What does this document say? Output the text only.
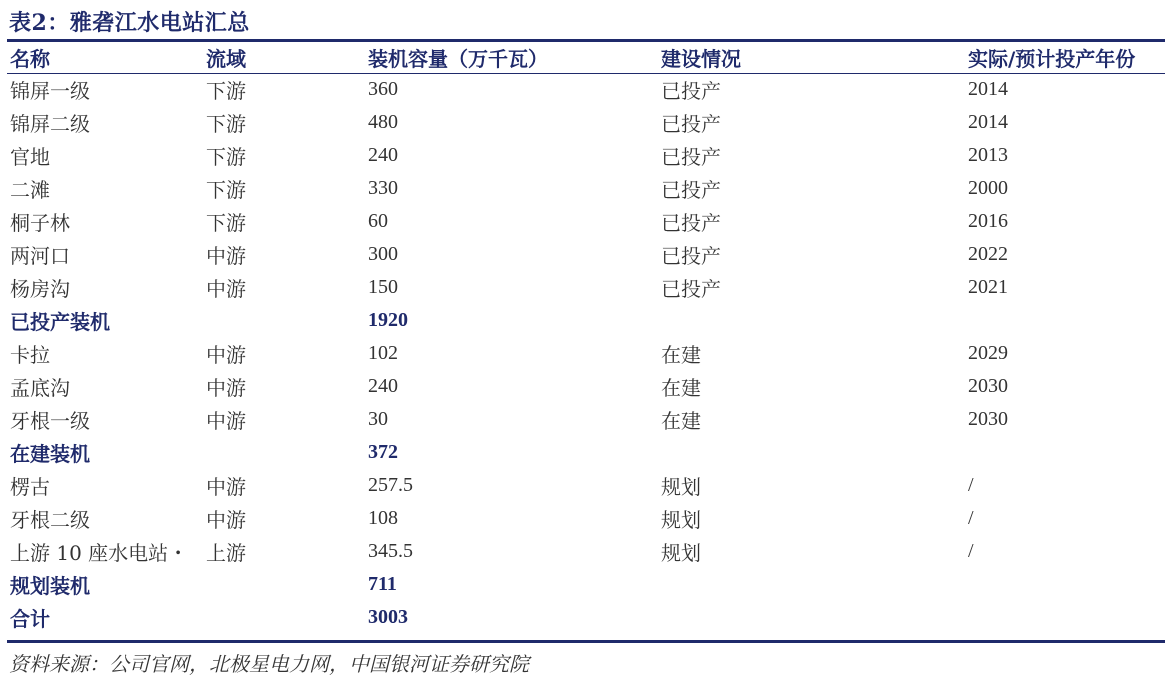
表2：雅砻江水电站汇总
名称	流域	装机容量（万千瓦）	建设情况	实际/预计投产年份
锦屏一级	下游	360	已投产	2014
锦屏二级	下游	480	已投产	2014
官地	下游	240	已投产	2013
二滩	下游	330	已投产	2000
桐子林	下游	60	已投产	2016
两河口	中游	300	已投产	2022
杨房沟	中游	150	已投产	2021
已投产装机		1920		
卡拉	中游	102	在建	2029
孟底沟	中游	240	在建	2030
牙根一级	中游	30	在建	2030
在建装机		372		
楞古	中游	257.5	规划	/
牙根二级	中游	108	规划	/
上游 10 座水电站・	上游	345.5	规划	/
规划装机		711		
合计		3003		
资料来源：公司官网，北极星电力网，中国银河证券研究院
